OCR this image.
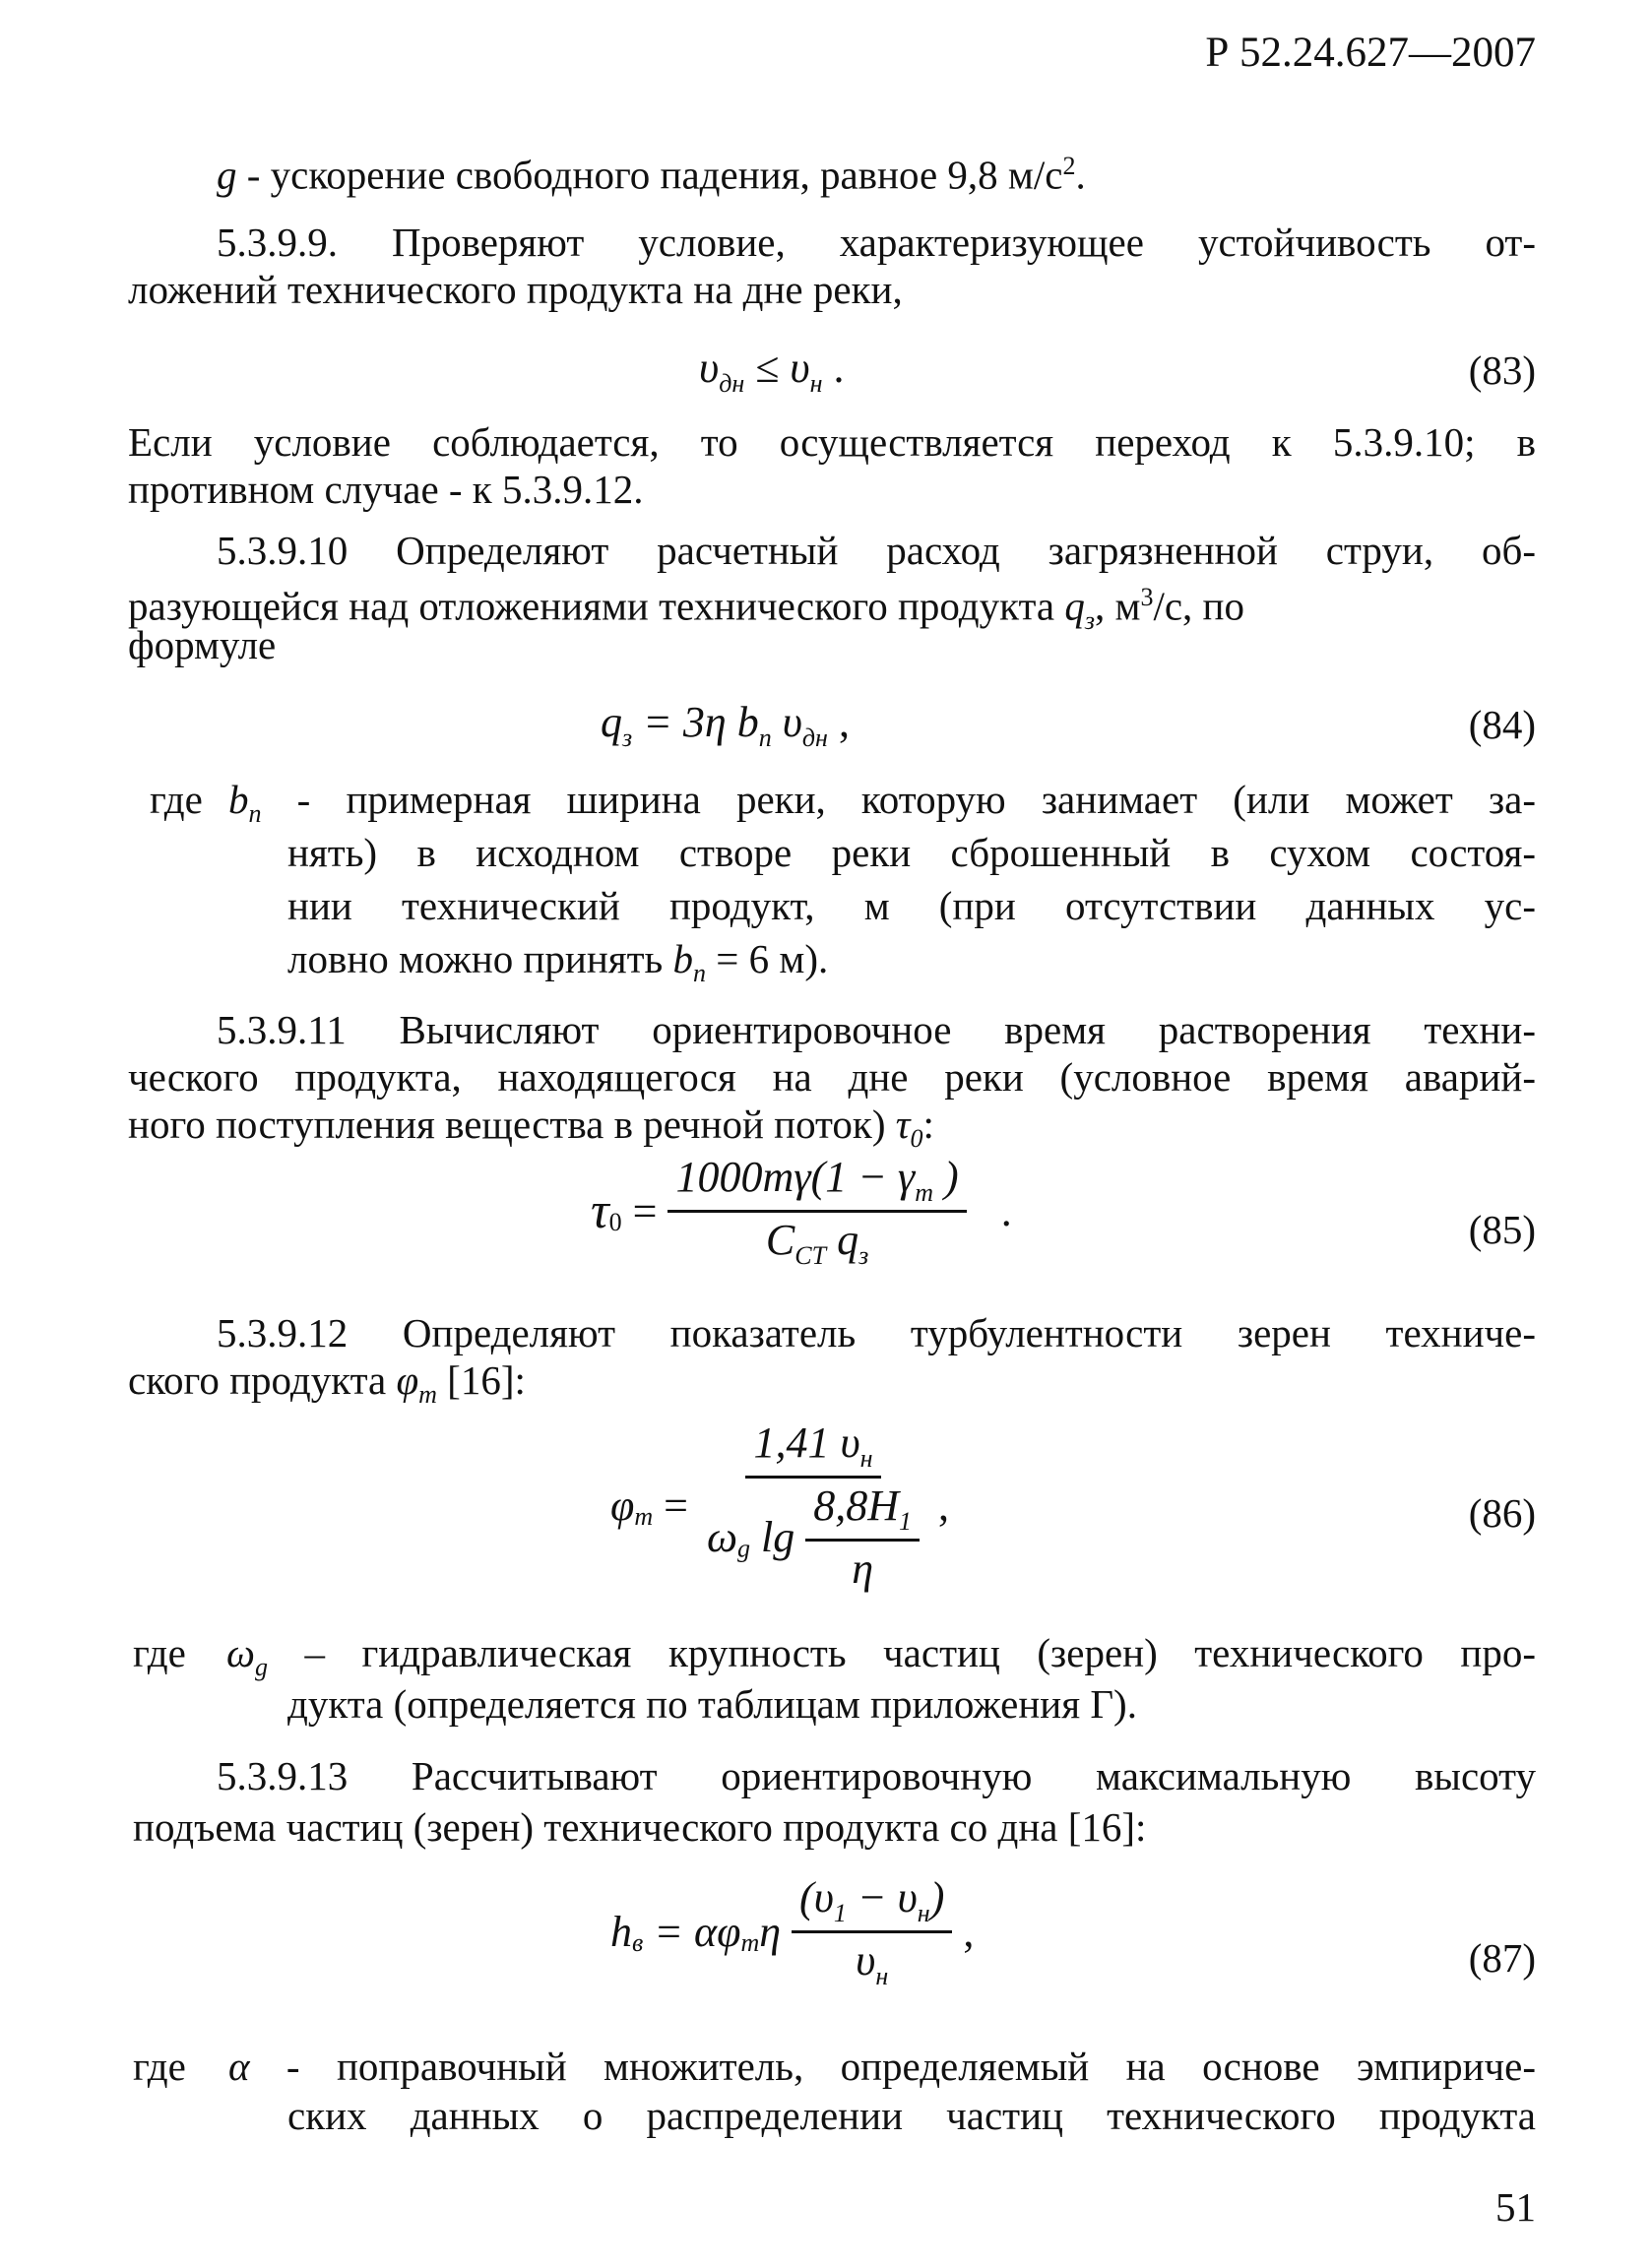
Р 52.24.627—2007
g - ускорение свободного падения, равное 9,8 $м/с^2$.
5.3.9.9. Проверяют условие, характеризующее устойчивость от-
ложений технического продукта на дне реки,
$\upsilon_{дн} \le \upsilon_н$ .	(83)
Если условие соблюдается, то осуществляется переход к 5.3.9.10; в
противном случае - к 5.3.9.12.
5.3.9.10 Определяют расчетный расход загрязненной струи, об-
разующейся над отложениями технического продукта $q_з$, $м^3/с$, по
формуле
$q_з = 3\eta$ $b_п$ $\upsilon_{дн}$ ,	(84)
где $b_п$ - примерная ширина реки, которую занимает (или может за-
нять) в исходном створе реки сброшенный в сухом состоя-
нии технический продукт, м (при отсутствии данных ус-
ловно можно принять $b_п = 6$ м).
5.3.9.11 Вычисляют ориентировочное время растворения техни-
ческого продукта, находящегося на дне реки (условное время аварий-
ного поступления вещества в речной поток) $\tau_0$:
$\tau_0 = \frac{1000m\gamma(1 - \gamma_т )}{C_{CT} q_з}$ .	(85)
5.3.9.12 Определяют показатель турбулентности зерен техниче-
ского продукта $\varphi_т$ [16]:
$\varphi_т = \frac{1,41 \upsilon_н}{\omega_g \lg \frac{8,8H_1}{\eta}}$ ,	(86)
где $\omega_g$ – гидравлическая крупность частиц (зерен) технического про-
дукта (определяется по таблицам приложения Г).
5.3.9.13 Рассчитывают ориентировочную максимальную высоту
подъема частиц (зерен) технического продукта со дна [16]:
$h_в = \alpha\varphi_т\eta \frac{(\upsilon_1 - \upsilon_н)}{\upsilon_н}$ ,
(87)
где α - поправочный множитель, определяемый на основе эмпириче-
ских данных о распределении частиц технического продукта
51
